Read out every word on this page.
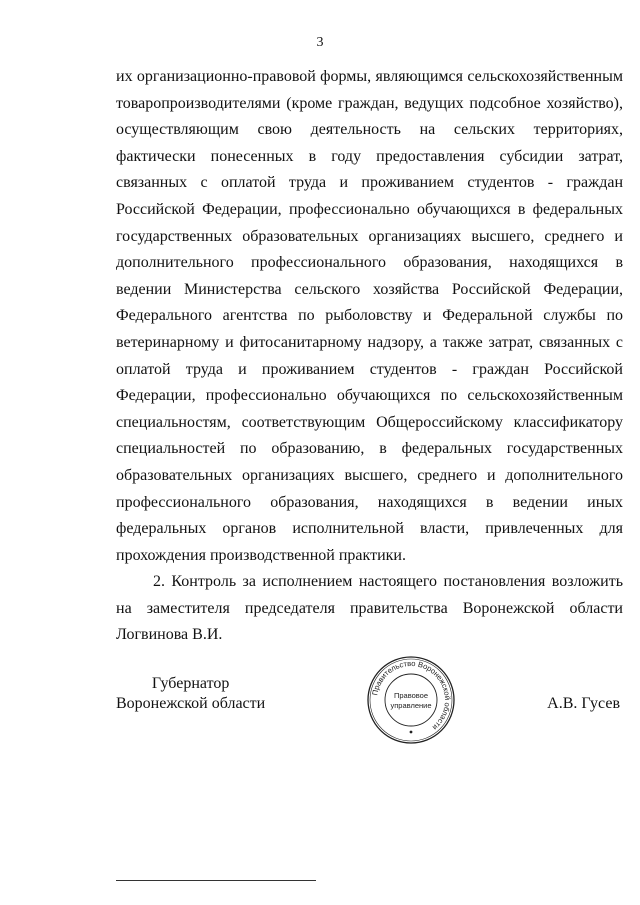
3

их организационно-правовой формы, являющимся сельскохозяйственным товаропроизводителями (кроме граждан, ведущих подсобное хозяйство), осуществляющим свою деятельность на сельских территориях, фактически понесенных в году предоставления субсидии затрат, связанных с оплатой труда и проживанием студентов - граждан Российской Федерации, профессионально обучающихся в федеральных государственных образовательных организациях высшего, среднего и дополнительного профессионального образования, находящихся в ведении Министерства сельского хозяйства Российской Федерации, Федерального агентства по рыболовству и Федеральной службы по ветеринарному и фитосанитарному надзору, а также затрат, связанных с оплатой труда и проживанием студентов - граждан Российской Федерации, профессионально обучающихся по сельскохозяйственным специальностям, соответствующим Общероссийскому классификатору специальностей по образованию, в федеральных государственных образовательных организациях высшего, среднего и дополнительного профессионального образования, находящихся в ведении иных федеральных органов исполнительной власти, привлеченных для прохождения производственной практики.

2. Контроль за исполнением настоящего постановления возложить на заместителя председателя правительства Воронежской области Логвинова В.И.

Губернатор
Воронежской области
Правительство Воронежской области
Правовое
управление	А.В. Гусев
